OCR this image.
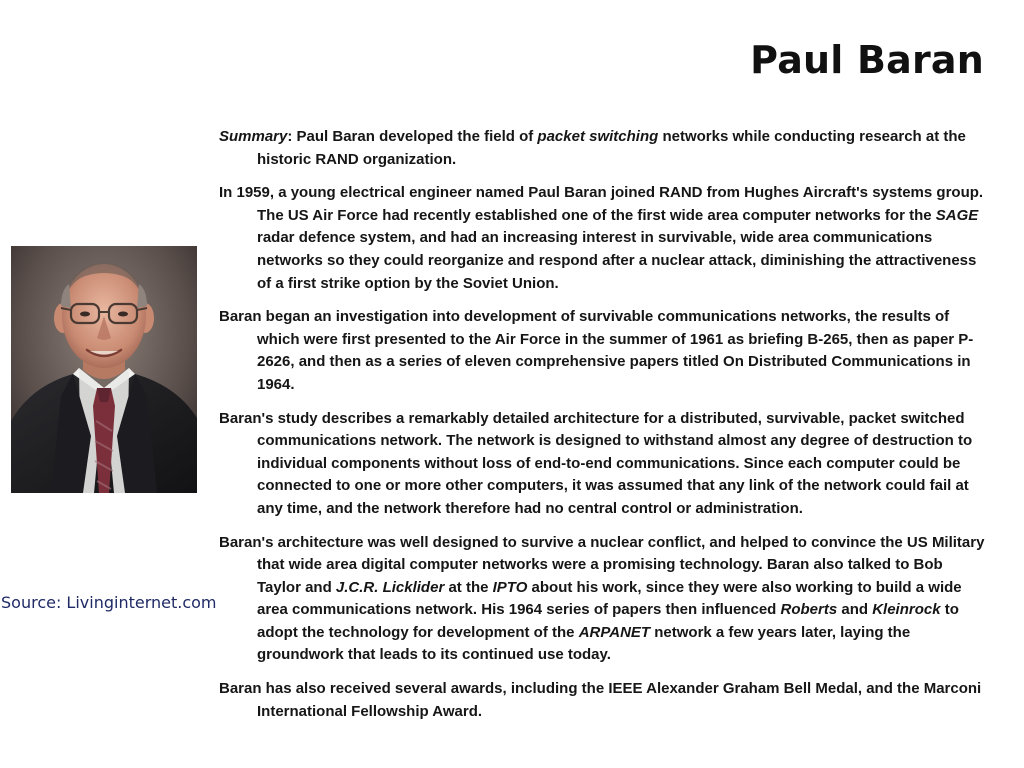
Paul Baran
Source: Livinginternet.com

Summary: Paul Baran developed the field of packet switching networks while conducting research at the historic RAND organization.

In 1959, a young electrical engineer named Paul Baran joined RAND from Hughes Aircraft's systems group. The US Air Force had recently established one of the first wide area computer networks for the SAGE radar defence system, and had an increasing interest in survivable, wide area communications networks so they could reorganize and respond after a nuclear attack, diminishing the attractiveness of a first strike option by the Soviet Union.

Baran began an investigation into development of survivable communications networks, the results of which were first presented to the Air Force in the summer of 1961 as briefing B-265, then as paper P-2626, and then as a series of eleven comprehensive papers titled On Distributed Communications in 1964.

Baran's study describes a remarkably detailed architecture for a distributed, survivable, packet switched communications network. The network is designed to withstand almost any degree of destruction to individual components without loss of end-to-end communications. Since each computer could be connected to one or more other computers, it was assumed that any link of the network could fail at any time, and the network therefore had no central control or administration.

Baran's architecture was well designed to survive a nuclear conflict, and helped to convince the US Military that wide area digital computer networks were a promising technology. Baran also talked to Bob Taylor and J.C.R. Licklider at the IPTO about his work, since they were also working to build a wide area communications network. His 1964 series of papers then influenced Roberts and Kleinrock to adopt the technology for development of the ARPANET network a few years later, laying the groundwork that leads to its continued use today.

Baran has also received several awards, including the IEEE Alexander Graham Bell Medal, and the Marconi International Fellowship Award.
